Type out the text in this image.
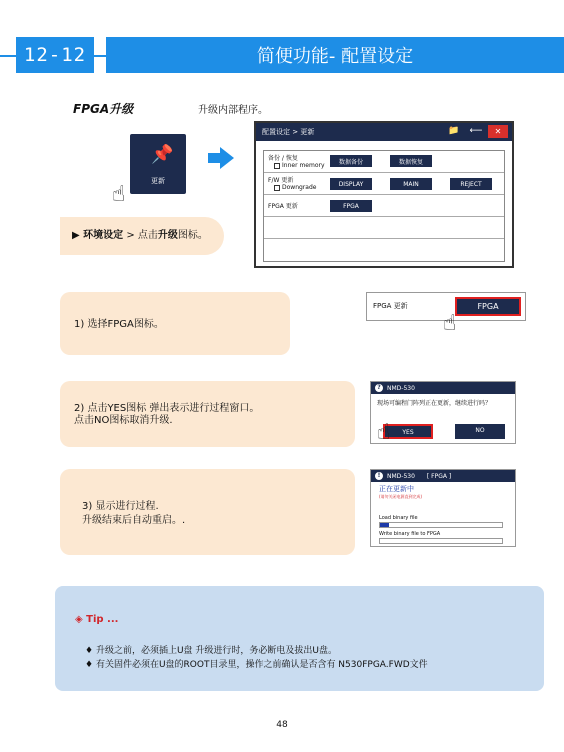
12-12	简便功能- 配置设定
FPGA升级	升级内部程序。
📌
更新
☝
配置设定 > 更新	📁 ⟵	✕
备份 / 恢复
Inner memory	数据备份	数据恢复
F/W 更新
Downgrade	DISPLAY	MAIN	REJECT
FPGA 更新	FPGA
▶ 环境设定 > 点击升级图标。
1) 选择FPGA图标。
FPGA 更新	FPGA
☝
2) 点击YES图标 弹出表示进行过程窗口。
点击NO图标取消升级.
?	NMD-530
现场可编程门阵列正在更新，继续进行吗？
YES	NO
☝
3) 显示进行过程.
升级结束后自动重启。.
!	NMD-530 [ FPGA ]
正在更新中
(请勿关闭电源直到完成)
Load binary file
Write binary file to FPGA
◈ Tip ...
♦ 升级之前，必须插上U盘 升级进行时，务必断电及拔出U盘。
♦ 有关固件必须在U盘的ROOT目录里，操作之前确认是否含有 N530FPGA.FWD文件
48
